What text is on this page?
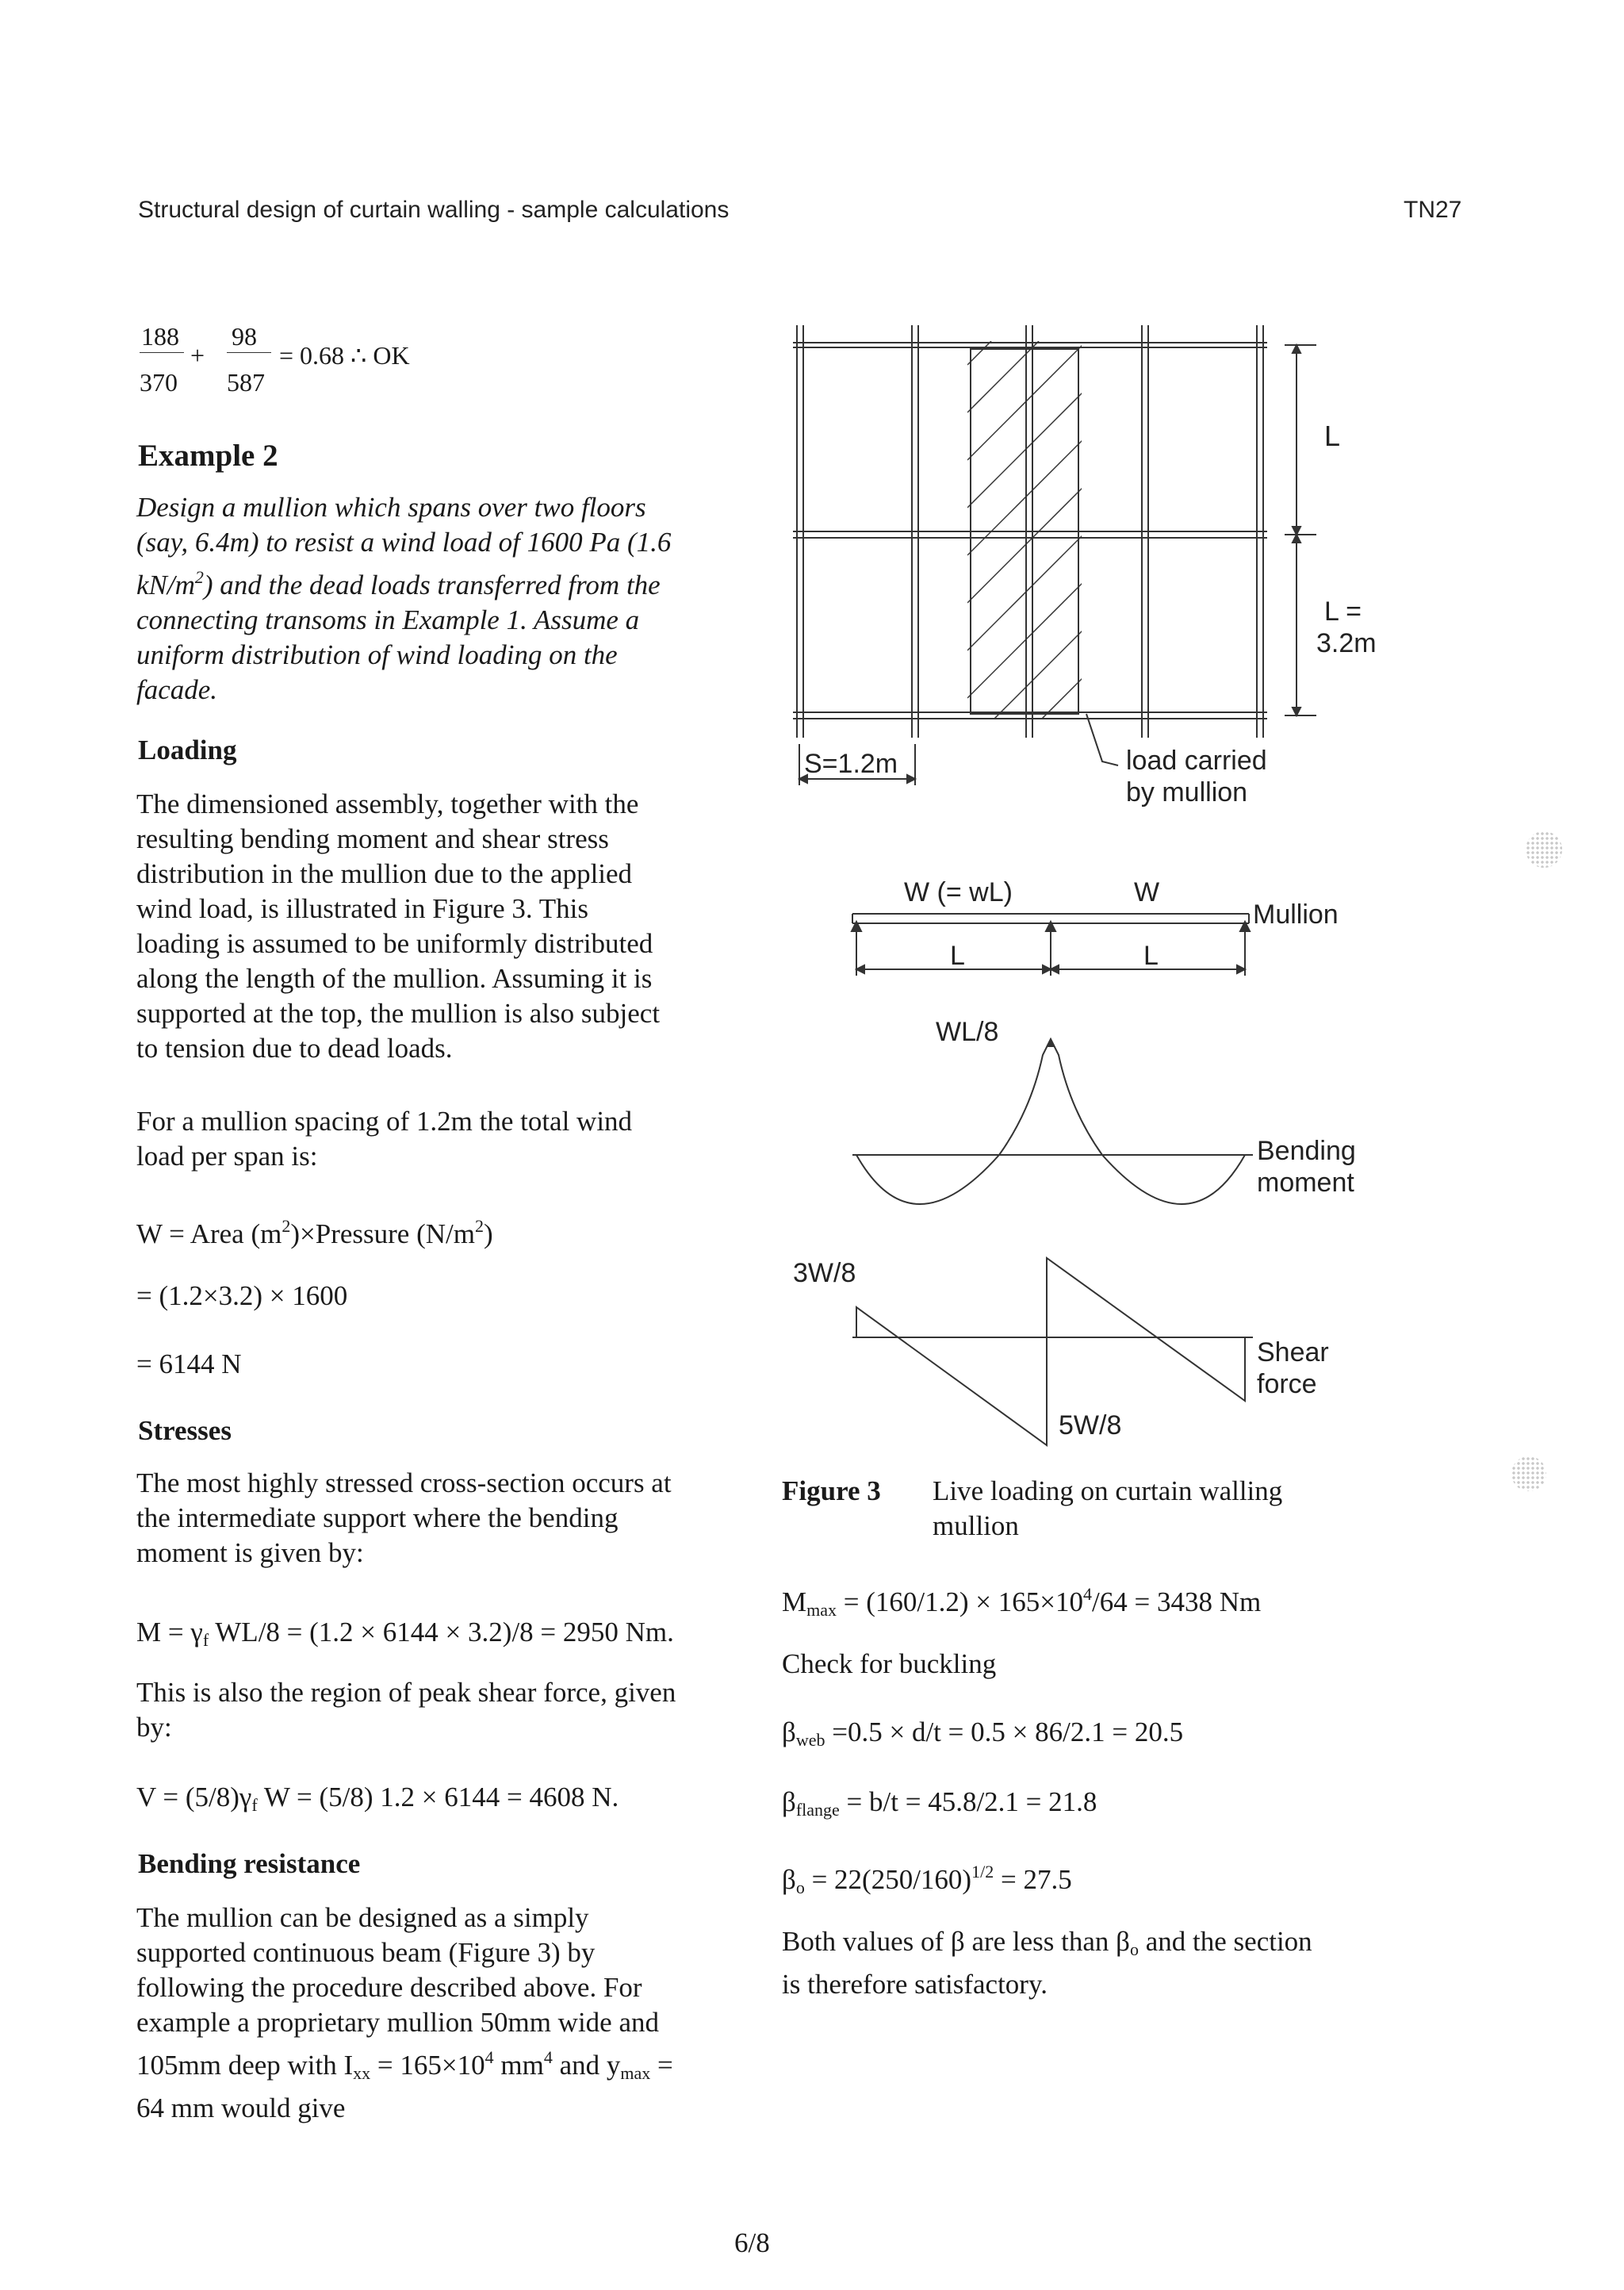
Structural design of curtain walling - sample calculations	TN27
188
370
+
98
587
= 0.68 ∴ OK
Example 2
Design a mullion which spans over two floors
(say, 6.4m) to resist a wind load of 1600 Pa (1.6
$kN/m^2$) and the dead loads transferred from the
connecting transoms in Example 1. Assume a
uniform distribution of wind loading on the
facade.
Loading
The dimensioned assembly, together with the
resulting bending moment and shear stress
distribution in the mullion due to the applied
wind load, is illustrated in Figure 3. This
loading is assumed to be uniformly distributed
along the length of the mullion. Assuming it is
supported at the top, the mullion is also subject
to tension due to dead loads.
For a mullion spacing of 1.2m the total wind
load per span is:
W = Area $(m^2)\times Pressure$ $(N/m^2)$
= (1.2×3.2) × 1600
= 6144 N
Stresses
The most highly stressed cross-section occurs at
the intermediate support where the bending
moment is given by:
$M = \gamma_f$ WL/8 = (1.2 × 6144 × 3.2)/8 = 2950 Nm.
This is also the region of peak shear force, given
by:
$V = (5/8)\gamma_f$ W = (5/8) 1.2 × 6144 = 4608 N.
Bending resistance
The mullion can be designed as a simply
supported continuous beam (Figure 3) by
following the procedure described above. For
example a proprietary mullion 50mm wide and
105mm deep with $I_{xx} = 165\times 10^4$ $mm^4$ and $y_{max}$ =
64 mm would give
L
L =
3.2m
S=1.2m	load carried
by mullion
W (= wL)	W
Mullion
L	L
WL/8
Bending
moment
3W/8
5W/8
Shear
force
Figure 3 Live loading on curtain walling
mullion
$M_{max} = (160/1.2) \times 165\times 10^4/64 = 3438$ Nm
Check for buckling
$\beta_{web} =0.5 \times d/t = 0.5 \times 86/2.1 = 20.5$
$\beta_{flange} = b/t = 45.8/2.1 = 21.8$
$\beta_o = 22(250/160)^{1/2} = 27.5$
Both values of β are less than $\beta_o$ and the section
is therefore satisfactory.
6/8
